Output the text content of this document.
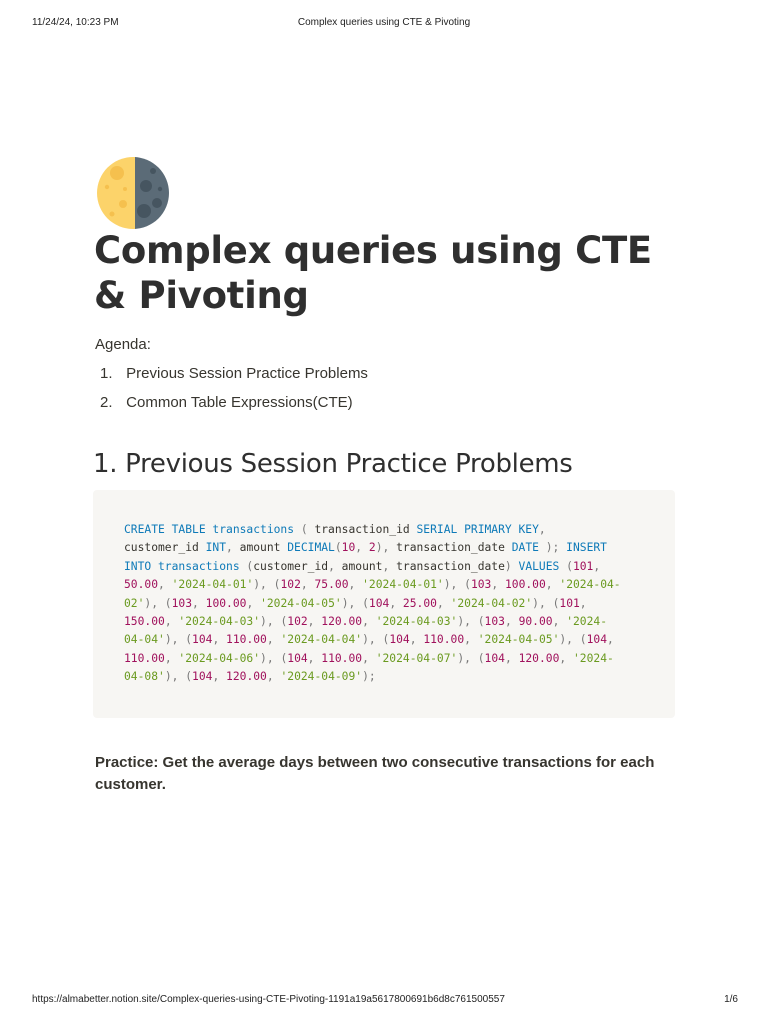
11/24/24, 10:23 PM	Complex queries using CTE & Pivoting
Complex queries using CTE & Pivoting
Agenda:
1. Previous Session Practice Problems
2. Common Table Expressions(CTE)
1. Previous Session Practice Problems
CREATE TABLE transactions ( transaction_id SERIAL PRIMARY KEY,
customer_id INT, amount DECIMAL(10, 2), transaction_date DATE ); INSERT
INTO transactions (customer_id, amount, transaction_date) VALUES (101,
50.00, '2024-04-01'), (102, 75.00, '2024-04-01'), (103, 100.00, '2024-04-
02'), (103, 100.00, '2024-04-05'), (104, 25.00, '2024-04-02'), (101,
150.00, '2024-04-03'), (102, 120.00, '2024-04-03'), (103, 90.00, '2024-
04-04'), (104, 110.00, '2024-04-04'), (104, 110.00, '2024-04-05'), (104,
110.00, '2024-04-06'), (104, 110.00, '2024-04-07'), (104, 120.00, '2024-
04-08'), (104, 120.00, '2024-04-09');
Practice: Get the average days between two consecutive transactions for each customer.
https://almabetter.notion.site/Complex-queries-using-CTE-Pivoting-1191a19a5617800691b6d8c761500557	1/6
